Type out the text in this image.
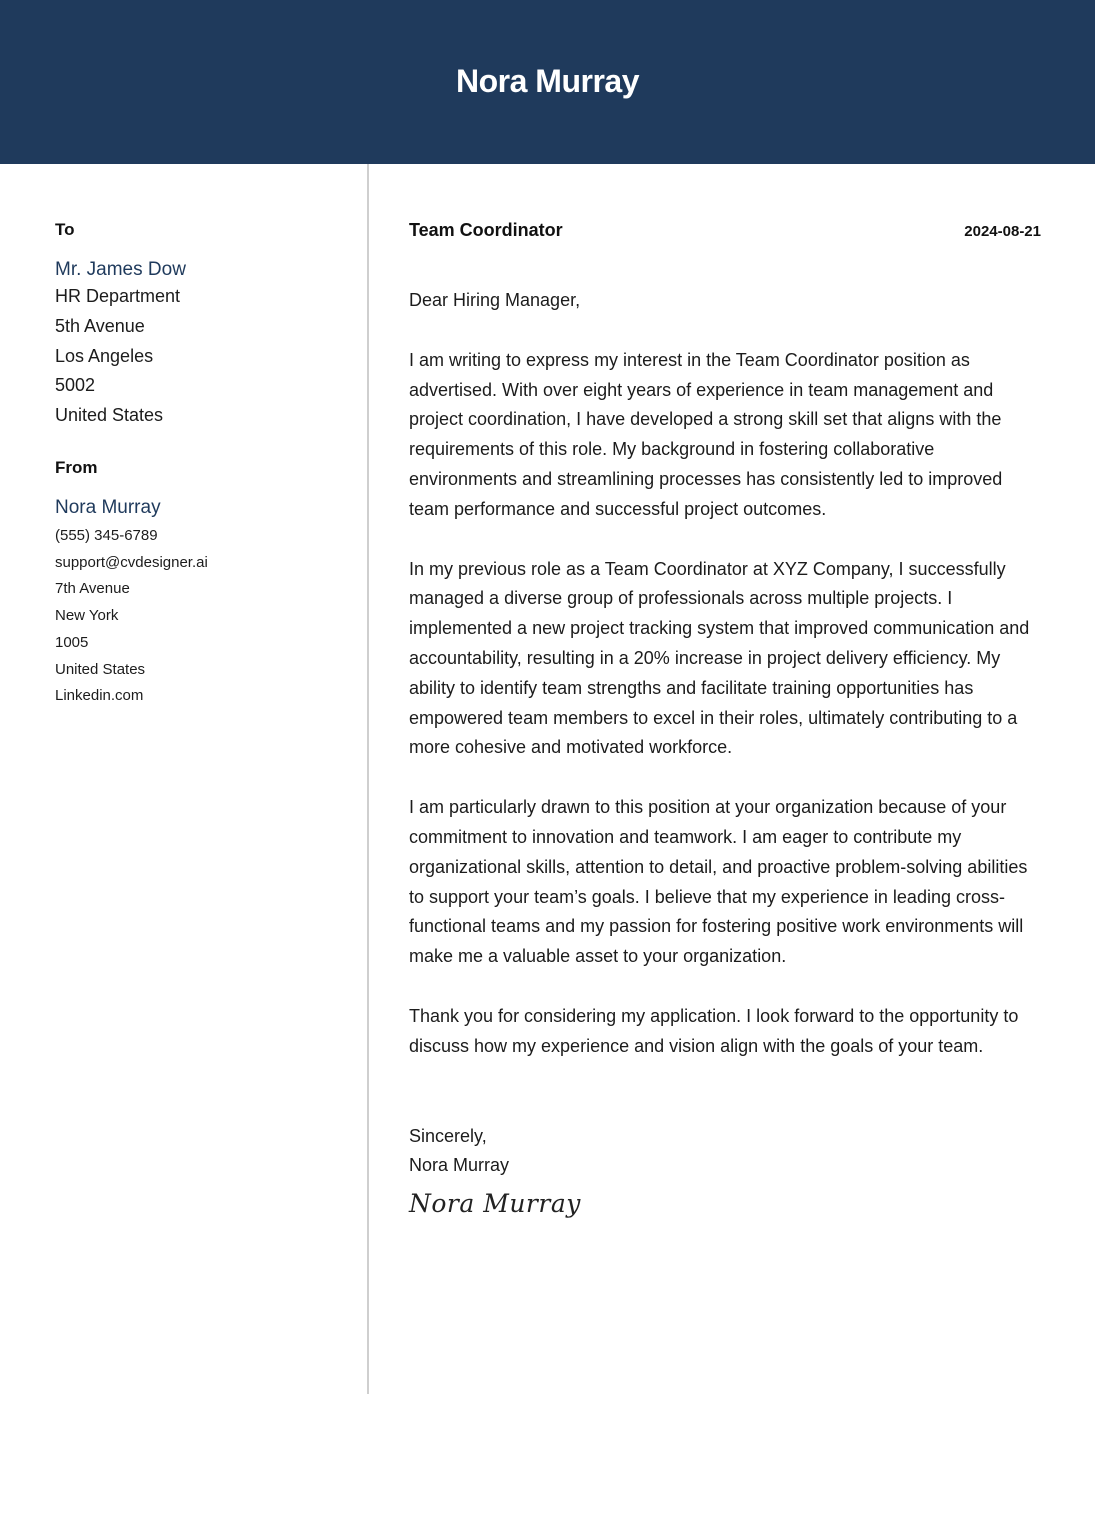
Nora Murray
To
Mr. James Dow
HR Department
5th Avenue
Los Angeles
5002
United States
From
Nora Murray
(555) 345-6789
support@cvdesigner.ai
7th Avenue
New York
1005
United States
Linkedin.com
Team Coordinator	2024-08-21
Dear Hiring Manager,
I am writing to express my interest in the Team Coordinator position as advertised. With over eight years of experience in team management and project coordination, I have developed a strong skill set that aligns with the requirements of this role. My background in fostering collaborative environments and streamlining processes has consistently led to improved team performance and successful project outcomes.
In my previous role as a Team Coordinator at XYZ Company, I successfully managed a diverse group of professionals across multiple projects. I implemented a new project tracking system that improved communication and accountability, resulting in a 20% increase in project delivery efficiency. My ability to identify team strengths and facilitate training opportunities has empowered team members to excel in their roles, ultimately contributing to a more cohesive and motivated workforce.
I am particularly drawn to this position at your organization because of your commitment to innovation and teamwork. I am eager to contribute my organizational skills, attention to detail, and proactive problem-solving abilities to support your team’s goals. I believe that my experience in leading cross-functional teams and my passion for fostering positive work environments will make me a valuable asset to your organization.
Thank you for considering my application. I look forward to the opportunity to discuss how my experience and vision align with the goals of your team.
Sincerely,
Nora Murray
Nora Murray
